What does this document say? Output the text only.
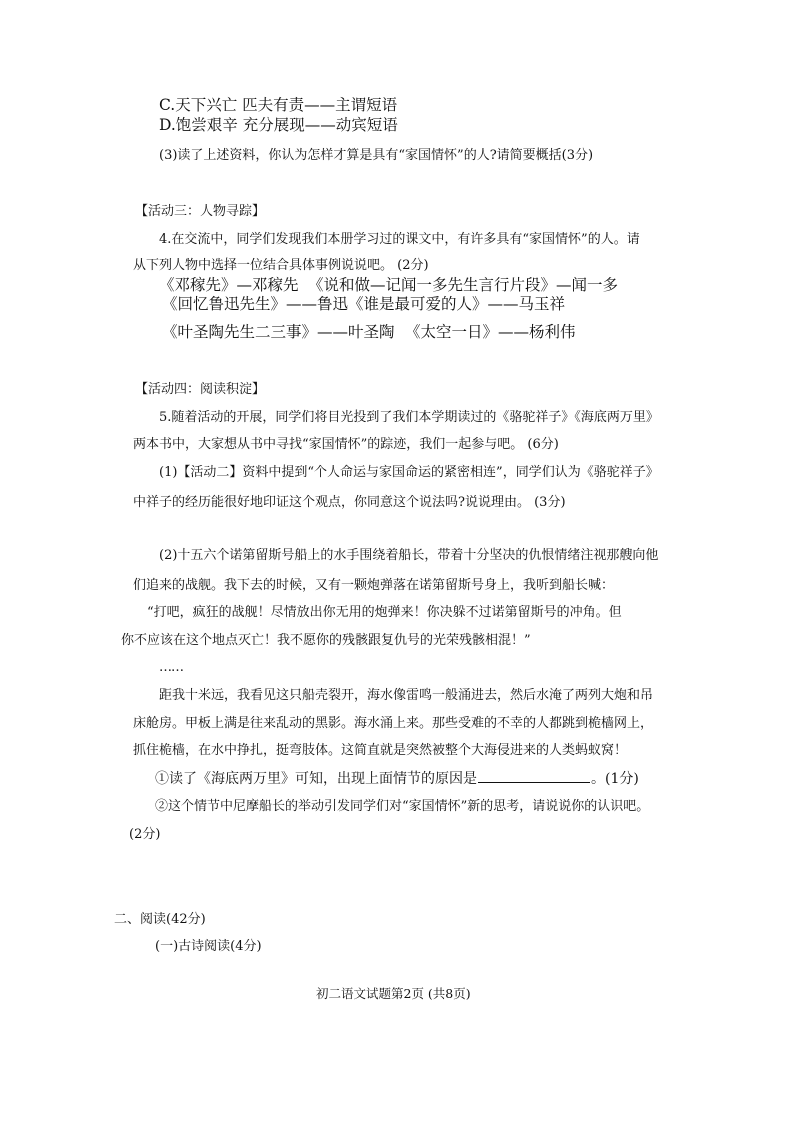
C.天下兴亡 匹夫有责——主谓短语
D.饱尝艰辛 充分展现——动宾短语
(3)读了上述资料，你认为怎样才算是具有“家国情怀”的人?请简要概括(3分)
【活动三：人物寻踪】
4.在交流中，同学们发现我们本册学习过的课文中，有许多具有“家国情怀”的人。请
从下列人物中选择一位结合具体事例说说吧。 (2分)
《邓稼先》—邓稼先 《说和做—记闻一多先生言行片段》—闻一多
《回忆鲁迅先生》——鲁迅 《谁是最可爱的人》——马玉祥
《叶圣陶先生二三事》——叶圣陶 《太空一日》——杨利伟
【活动四：阅读积淀】
5.随着活动的开展，同学们将目光投到了我们本学期读过的《骆驼祥子》《海底两万里》
两本书中，大家想从书中寻找“家国情怀”的踪迹，我们一起参与吧。 (6分)
(1)【活动二】资料中提到“个人命运与家国命运的紧密相连”，同学们认为《骆驼祥子》
中祥子的经历能很好地印证这个观点，你同意这个说法吗?说说理由。 (3分)
(2)十五六个诺第留斯号船上的水手围绕着船长，带着十分坚决的仇恨情绪注视那艘向他
们追来的战舰。我下去的时候，又有一颗炮弹落在诺第留斯号身上，我听到船长喊：
“打吧，疯狂的战舰！尽情放出你无用的炮弹来！你决躲不过诺第留斯号的冲角。但
你不应该在这个地点灭亡！我不愿你的残骸跟复仇号的光荣残骸相混！”
……
距我十米远，我看见这只船壳裂开，海水像雷鸣一般涌进去，然后水淹了两列大炮和吊
床舱房。甲板上满是往来乱动的黑影。海水涌上来。那些受难的不幸的人都跳到桅樯网上，
抓住桅樯，在水中挣扎，挺弯肢体。这简直就是突然被整个大海侵进来的人类蚂蚁窝！
①读了《海底两万里》可知，出现上面情节的原因是	。(1分)
②这个情节中尼摩船长的举动引发同学们对“家国情怀”新的思考，请说说你的认识吧。
(2分)
二、阅读(42分)
(一)古诗阅读(4分)
初二语文试题第2页 (共8页)
